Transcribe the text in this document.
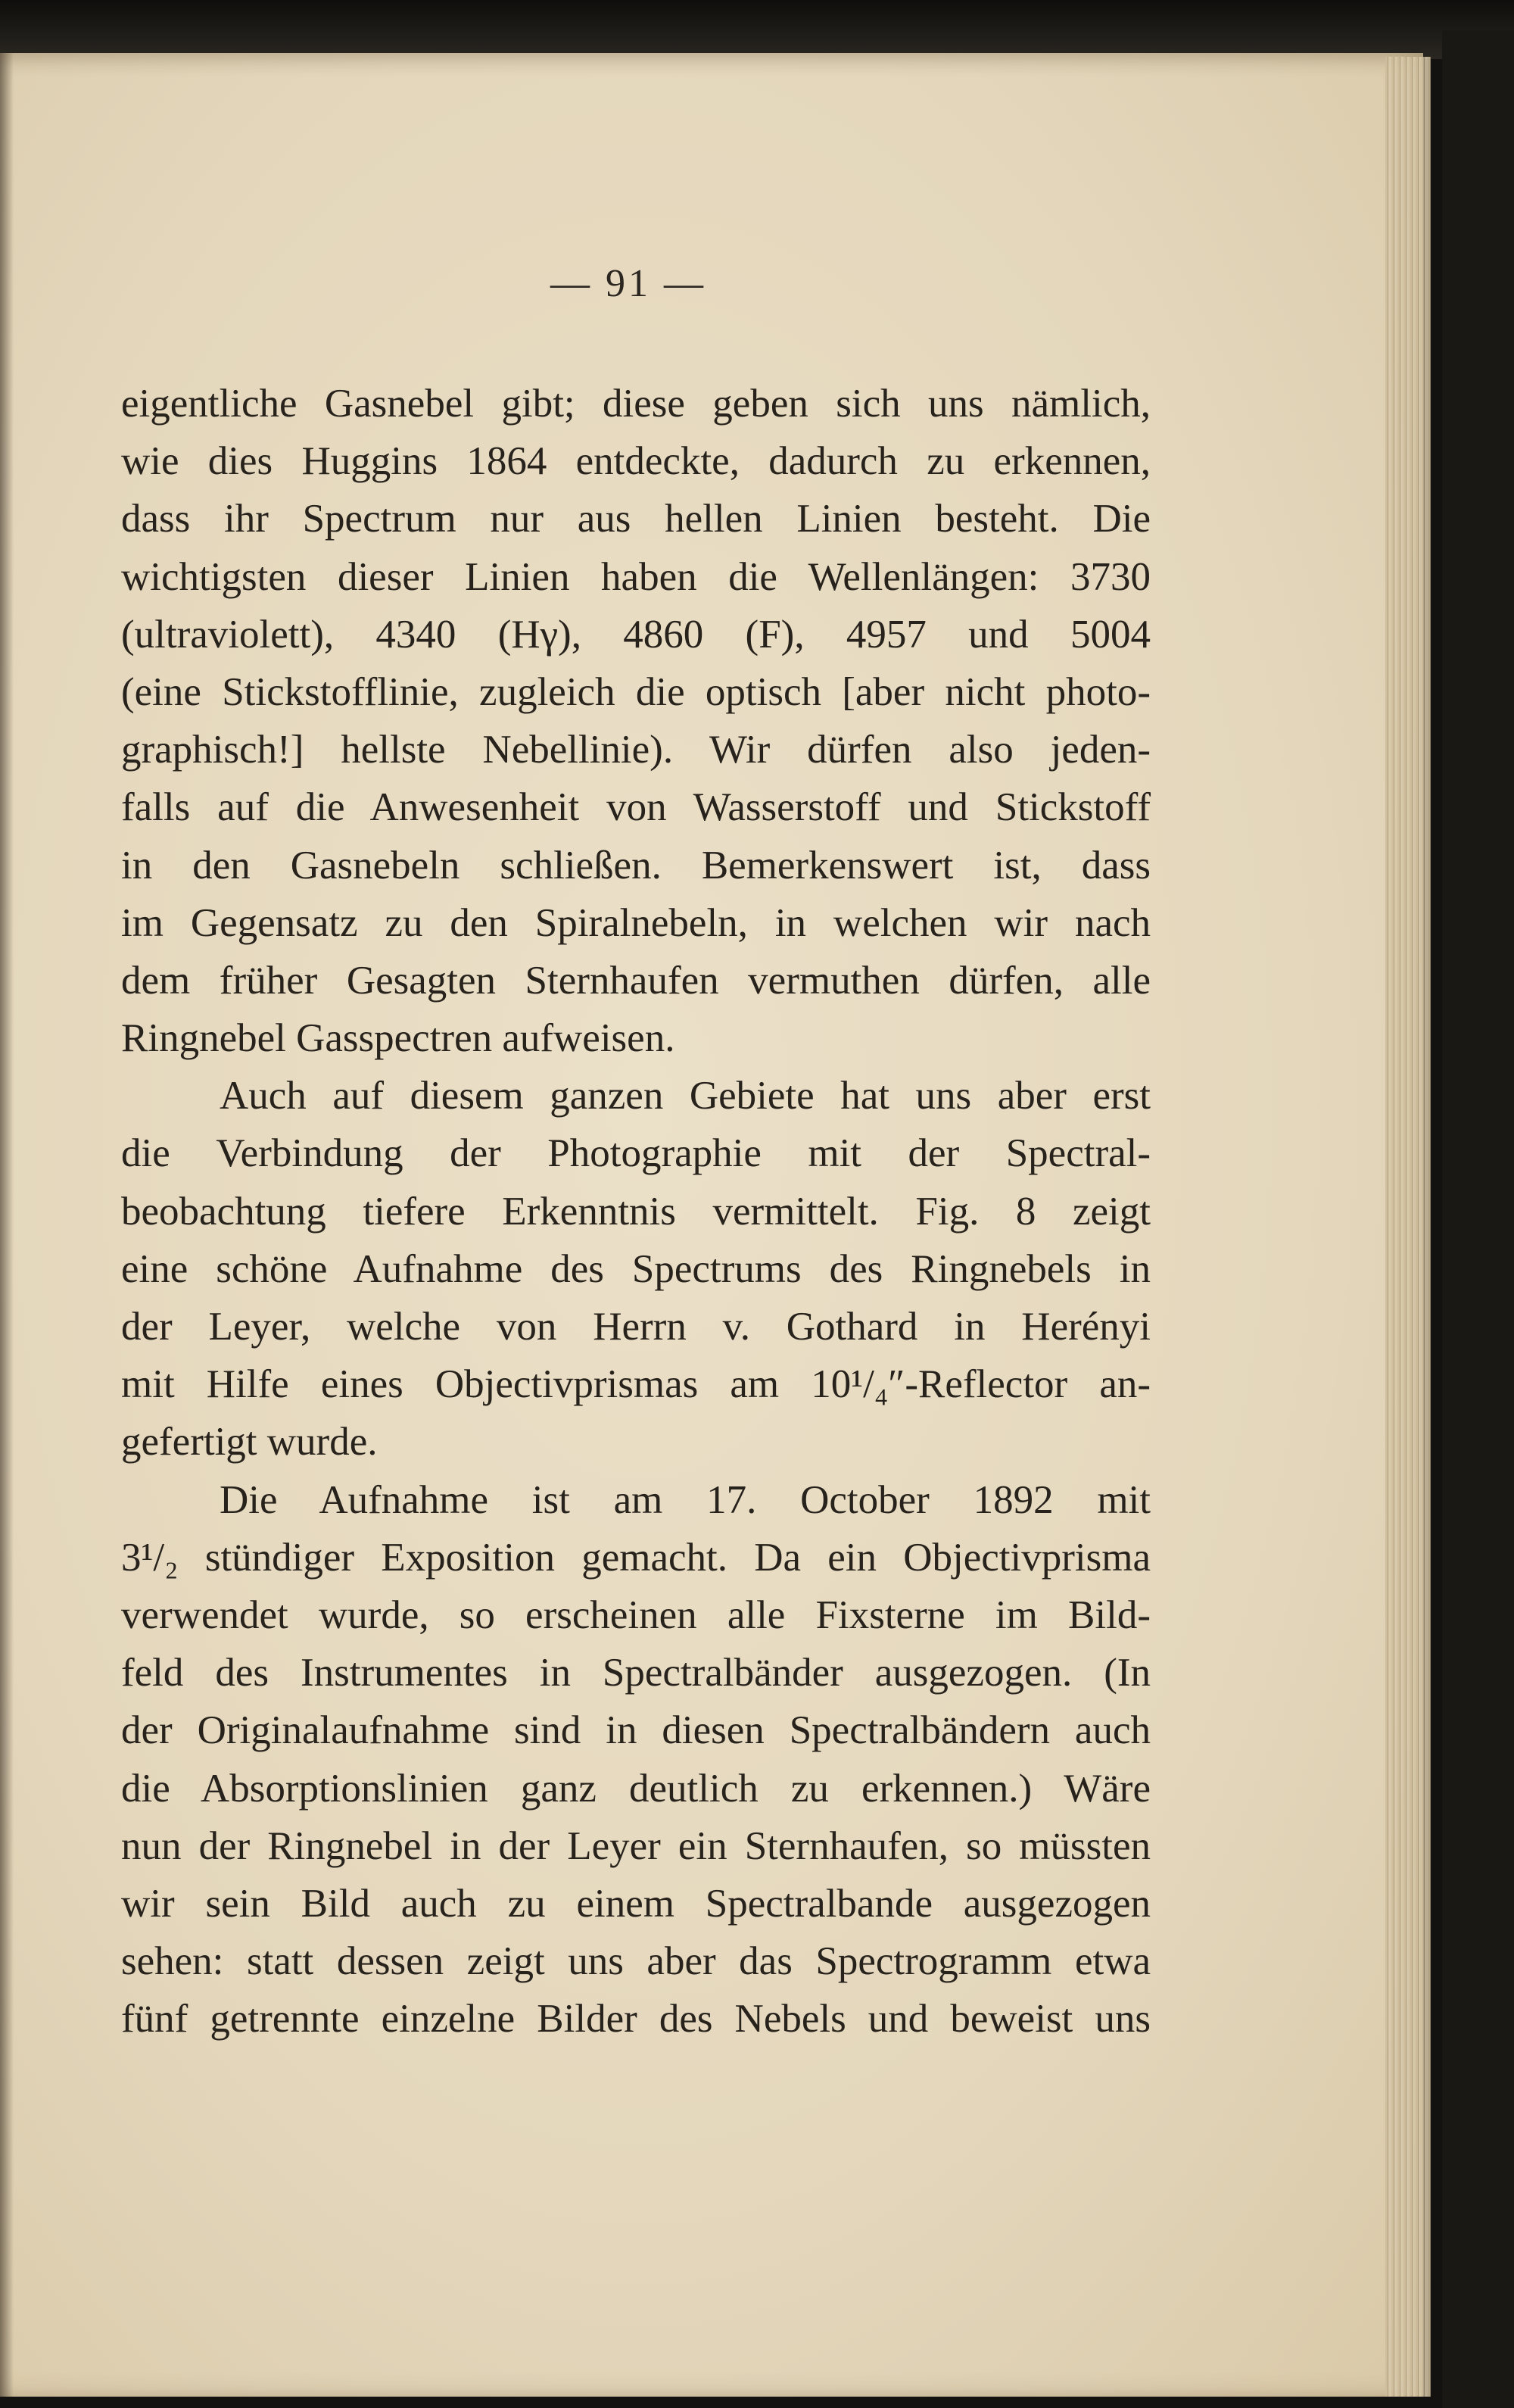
— 91 —
eigentliche Gasnebel gibt; diese geben sich uns nämlich,
wie dies Huggins 1864 entdeckte, dadurch zu erkennen,
dass ihr Spectrum nur aus hellen Linien besteht. Die
wichtigsten dieser Linien haben die Wellenlängen: 3730
(ultraviolett), 4340 (Hγ), 4860 (F), 4957 und 5004
(eine Stickstofflinie, zugleich die optisch [aber nicht photo-
graphisch!] hellste Nebellinie). Wir dürfen also jeden-
falls auf die Anwesenheit von Wasserstoff und Stickstoff
in den Gasnebeln schließen. Bemerkenswert ist, dass
im Gegensatz zu den Spiralnebeln, in welchen wir nach
dem früher Gesagten Sternhaufen vermuthen dürfen, alle
Ringnebel Gasspectren aufweisen.
Auch auf diesem ganzen Gebiete hat uns aber erst
die Verbindung der Photographie mit der Spectral-
beobachtung tiefere Erkenntnis vermittelt. Fig. 8 zeigt
eine schöne Aufnahme des Spectrums des Ringnebels in
der Leyer, welche von Herrn v. Gothard in Herényi
mit Hilfe eines Objectivprismas am 10¹/₄″-Reflector an-
gefertigt wurde.
Die Aufnahme ist am 17. October 1892 mit
3¹/₂ stündiger Exposition gemacht. Da ein Objectivprisma
verwendet wurde, so erscheinen alle Fixsterne im Bild-
feld des Instrumentes in Spectralbänder ausgezogen. (In
der Originalaufnahme sind in diesen Spectralbändern auch
die Absorptionslinien ganz deutlich zu erkennen.) Wäre
nun der Ringnebel in der Leyer ein Sternhaufen, so müssten
wir sein Bild auch zu einem Spectralbande ausgezogen
sehen: statt dessen zeigt uns aber das Spectrogramm etwa
fünf getrennte einzelne Bilder des Nebels und beweist uns
